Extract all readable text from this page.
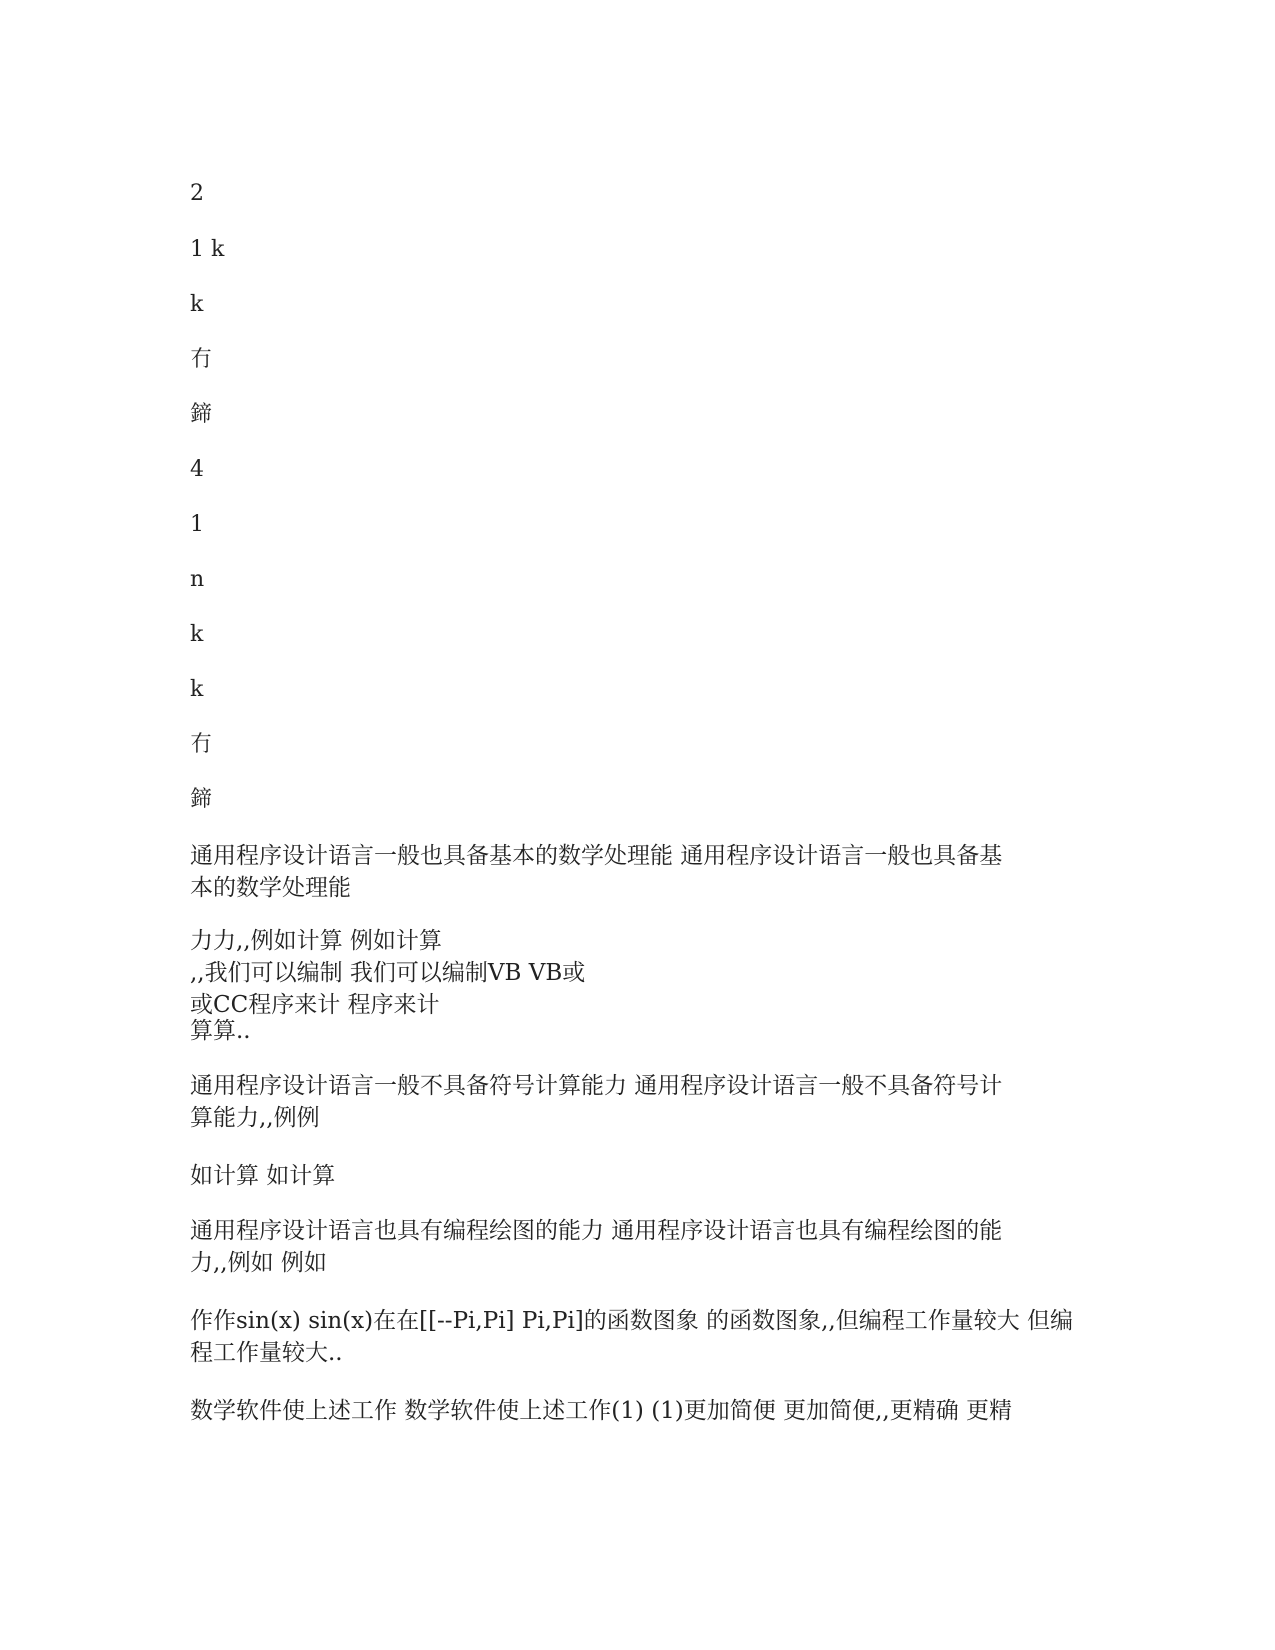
2

1 k

k

冇

鍗

4

1

n

k

k

冇

鍗

通用程序设计语言一般也具备基本的数学处理能 通用程序设计语言一般也具备基
本的数学处理能
力力,,例如计算 例如计算
,,我们可以编制 我们可以编制VB VB或
或CC程序来计 程序来计
算算..
通用程序设计语言一般不具备符号计算能力 通用程序设计语言一般不具备符号计
算能力,,例例
如计算 如计算
通用程序设计语言也具有编程绘图的能力 通用程序设计语言也具有编程绘图的能
力,,例如 例如
作作sin(x) sin(x)在在[[--Pi,Pi] Pi,Pi]的函数图象 的函数图象,,但编程工作量较大 但编
程工作量较大..
数学软件使上述工作 数学软件使上述工作(1) (1)更加简便 更加简便,,更精确 更精
